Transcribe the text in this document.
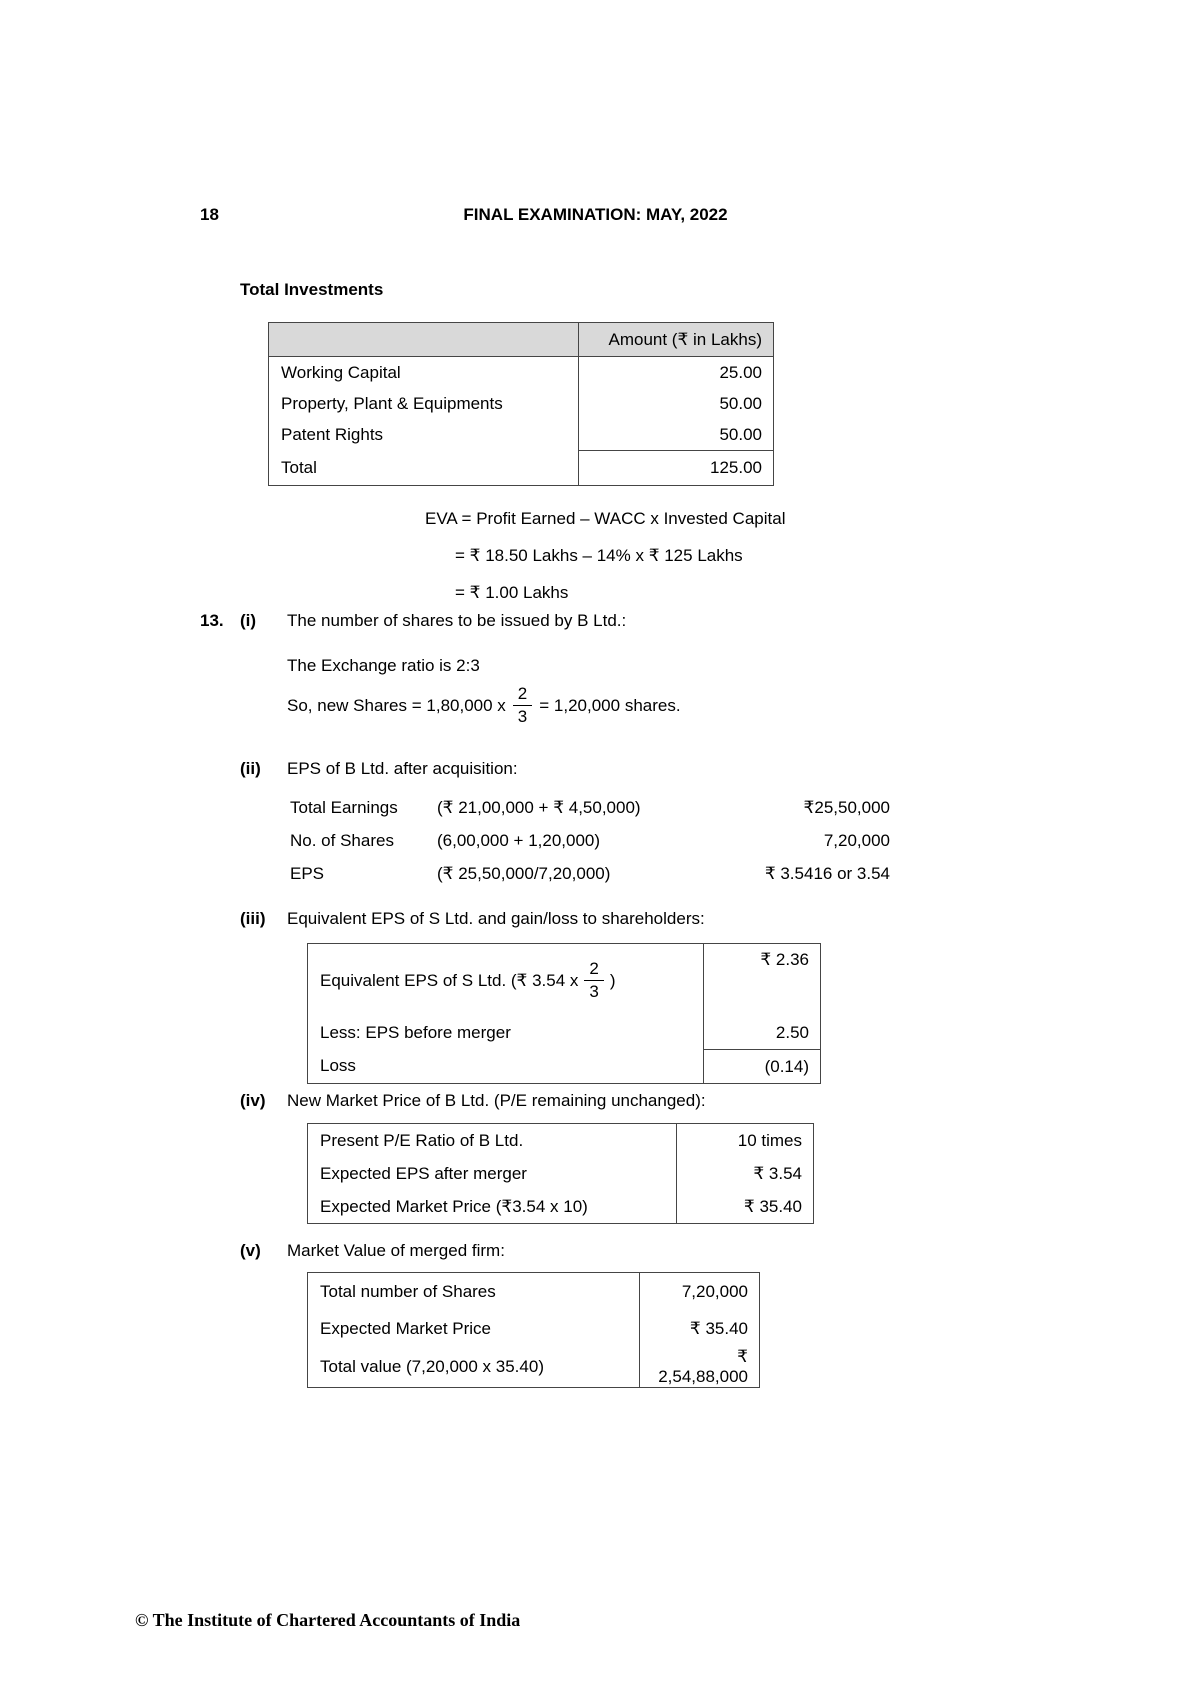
18	FINAL EXAMINATION: MAY, 2022
Total Investments
	Amount (₹ in Lakhs)
Working Capital	25.00
Property, Plant & Equipments	50.00
Patent Rights	50.00
Total	125.00
EVA = Profit Earned – WACC x Invested Capital
= ₹ 18.50 Lakhs – 14% x ₹ 125 Lakhs
= ₹ 1.00 Lakhs
13. (i) The number of shares to be issued by B Ltd.:
The Exchange ratio is 2:3
So, new Shares = 1,80,000 x $\frac{2}{3} = 1,20,000$ shares.
(ii) EPS of B Ltd. after acquisition:
Total Earnings	(₹ 21,00,000 + ₹ 4,50,000)	₹25,50,000
No. of Shares	(6,00,000 + 1,20,000)	7,20,000
EPS	(₹ 25,50,000/7,20,000)	₹ 3.5416 or 3.54
(iii) Equivalent EPS of S Ltd. and gain/loss to shareholders:
Equivalent EPS of S Ltd. (₹ 3.54 x $\frac{2}{3}$ )	₹ 2.36
Less: EPS before merger	2.50
Loss	(0.14)
(iv) New Market Price of B Ltd. (P/E remaining unchanged):
Present P/E Ratio of B Ltd.	10 times
Expected EPS after merger	₹ 3.54
Expected Market Price (₹3.54 x 10)	₹ 35.40
(v) Market Value of merged firm:
Total number of Shares	7,20,000
Expected Market Price	₹ 35.40
Total value (7,20,000 x 35.40)	₹ 2,54,88,000
© The Institute of Chartered Accountants of India
